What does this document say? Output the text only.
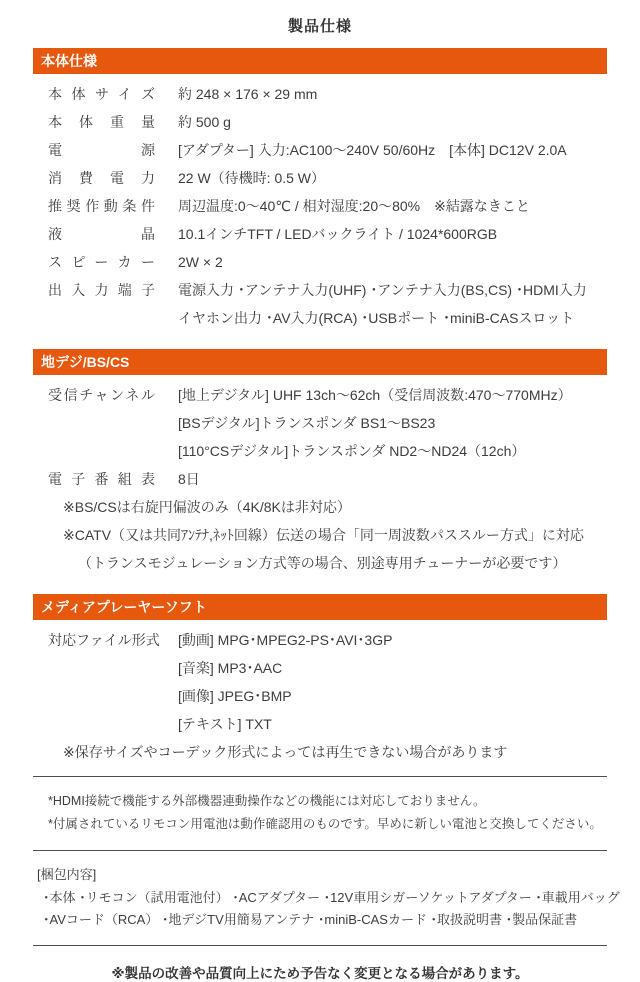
製品仕様
本体仕様
本体サイズ 約 248 × 176 × 29 mm
本体重量 約 500 g
電源 [アダプター] 入力:AC100～240V 50/60Hz　[本体] DC12V 2.0A
消費電力 22 W（待機時: 0.5 W）
推奨作動条件 周辺温度:0～40℃ / 相対湿度:20～80%　※結露なきこと
液晶 10.1インチTFT / LEDバックライト / 1024*600RGB
スピーカー 2W × 2
出入力端子 電源入力 ･アンテナ入力(UHF) ･アンテナ入力(BS,CS) ･HDMI入力
イヤホン出力 ･AV入力(RCA) ･USBポート ･miniB-CASスロット
地デジ/BS/CS
受信チャンネル [地上デジタル] UHF 13ch～62ch（受信周波数:470～770MHz）
[BSデジタル]トランスポンダ BS1～BS23
[110°CSデジタル]トランスポンダ ND2～ND24（12ch）
電子番組表 8日
※BS/CSは右旋円偏波のみ（4K/8Kは非対応）
※CATV（又は共同ｱﾝﾃﾅ,ﾈｯﾄ回線）伝送の場合「同一周波数パススルー方式」に対応
（トランスモジュレーション方式等の場合、別途専用チューナーが必要です）
メディアプレーヤーソフト
対応ファイル形式 [動画] MPG･MPEG2-PS･AVI･3GP
[音楽] MP3･AAC
[画像] JPEG･BMP
[テキスト] TXT
※保存サイズやコーデック形式によっては再生できない場合があります
*HDMI接続で機能する外部機器連動操作などの機能には対応しておりません。
*付属されているリモコン用電池は動作確認用のものです。早めに新しい電池と交換してください。
[梱包内容]
･本体 ･リモコン（試用電池付） ･ACアダプター ･12V車用シガーソケットアダプター ･車載用バッグ
･AVコード（RCA） ･地デジTV用簡易アンテナ ･miniB-CASカード ･取扱説明書 ･製品保証書
※製品の改善や品質向上にため予告なく変更となる場合があります。
